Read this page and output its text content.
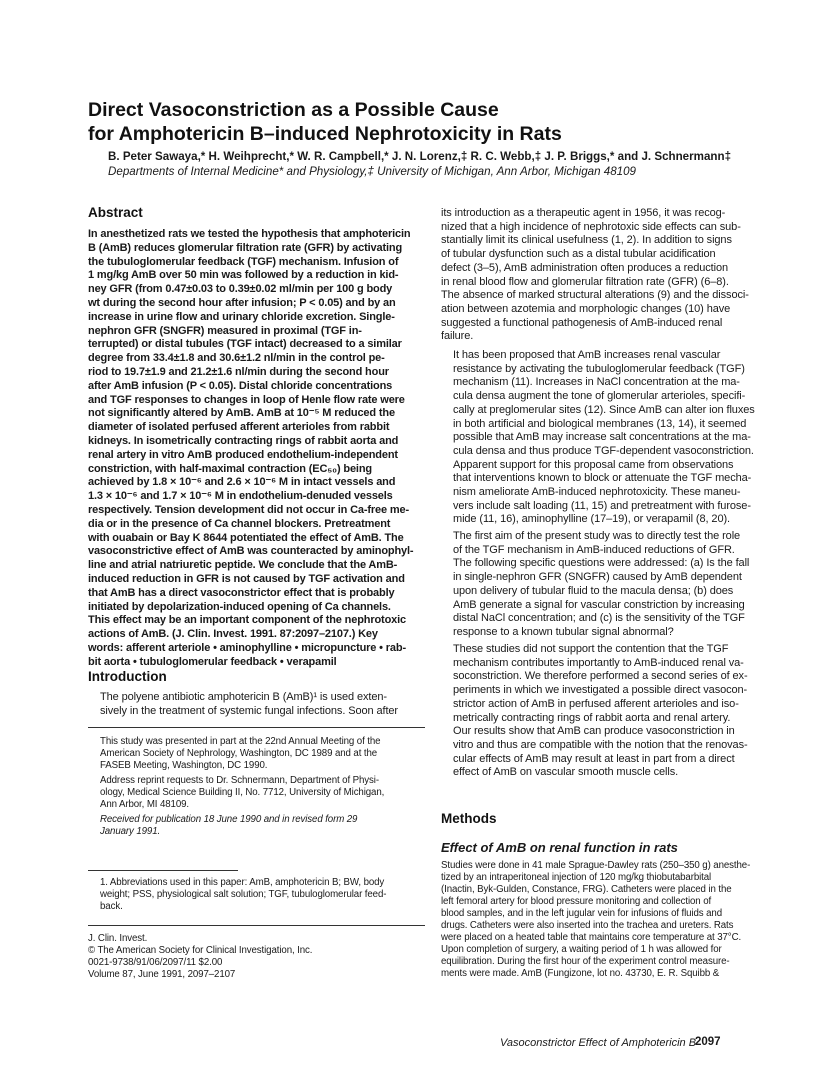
Direct Vasoconstriction as a Possible Cause
for Amphotericin B–induced Nephrotoxicity in Rats

B. Peter Sawaya,* H. Weihprecht,* W. R. Campbell,* J. N. Lorenz,‡ R. C. Webb,‡ J. P. Briggs,* and J. Schnermann‡

Departments of Internal Medicine* and Physiology,‡ University of Michigan, Ann Arbor, Michigan 48109

Abstract
In anesthetized rats we tested the hypothesis that amphotericin
B (AmB) reduces glomerular filtration rate (GFR) by activating
the tubuloglomerular feedback (TGF) mechanism. Infusion of
1 mg/kg AmB over 50 min was followed by a reduction in kid-
ney GFR (from 0.47±0.03 to 0.39±0.02 ml/min per 100 g body
wt during the second hour after infusion; P < 0.05) and by an
increase in urine flow and urinary chloride excretion. Single-
nephron GFR (SNGFR) measured in proximal (TGF in-
terrupted) or distal tubules (TGF intact) decreased to a similar
degree from 33.4±1.8 and 30.6±1.2 nl/min in the control pe-
riod to 19.7±1.9 and 21.2±1.6 nl/min during the second hour
after AmB infusion (P < 0.05). Distal chloride concentrations
and TGF responses to changes in loop of Henle flow rate were
not significantly altered by AmB. AmB at 10⁻⁵ M reduced the
diameter of isolated perfused afferent arterioles from rabbit
kidneys. In isometrically contracting rings of rabbit aorta and
renal artery in vitro AmB produced endothelium-independent
constriction, with half-maximal contraction (EC₅₀) being
achieved by 1.8 × 10⁻⁶ and 2.6 × 10⁻⁶ M in intact vessels and
1.3 × 10⁻⁶ and 1.7 × 10⁻⁶ M in endothelium-denuded vessels
respectively. Tension development did not occur in Ca-free me-
dia or in the presence of Ca channel blockers. Pretreatment
with ouabain or Bay K 8644 potentiated the effect of AmB. The
vasoconstrictive effect of AmB was counteracted by aminophyl-
line and atrial natriuretic peptide. We conclude that the AmB-
induced reduction in GFR is not caused by TGF activation and
that AmB has a direct vasoconstrictor effect that is probably
initiated by depolarization-induced opening of Ca channels.
This effect may be an important component of the nephrotoxic
actions of AmB. (J. Clin. Invest. 1991. 87:2097–2107.) Key
words: afferent arteriole • aminophylline • micropuncture • rab-
bit aorta • tubuloglomerular feedback • verapamil
Introduction
The polyene antibiotic amphotericin B (AmB)¹ is used exten-
sively in the treatment of systemic fungal infections. Soon after
This study was presented in part at the 22nd Annual Meeting of the
American Society of Nephrology, Washington, DC 1989 and at the
FASEB Meeting, Washington, DC 1990.
Address reprint requests to Dr. Schnermann, Department of Physi-
ology, Medical Science Building II, No. 7712, University of Michigan,
Ann Arbor, MI 48109.
Received for publication 18 June 1990 and in revised form 29
January 1991.
1. Abbreviations used in this paper: AmB, amphotericin B; BW, body
weight; PSS, physiological salt solution; TGF, tubuloglomerular feed-
back.
J. Clin. Invest.
© The American Society for Clinical Investigation, Inc.
0021-9738/91/06/2097/11 $2.00
Volume 87, June 1991, 2097–2107
its introduction as a therapeutic agent in 1956, it was recog-
nized that a high incidence of nephrotoxic side effects can sub-
stantially limit its clinical usefulness (1, 2). In addition to signs
of tubular dysfunction such as a distal tubular acidification
defect (3–5), AmB administration often produces a reduction
in renal blood flow and glomerular filtration rate (GFR) (6–8).
The absence of marked structural alterations (9) and the dissoci-
ation between azotemia and morphologic changes (10) have
suggested a functional pathogenesis of AmB-induced renal
failure.
It has been proposed that AmB increases renal vascular
resistance by activating the tubuloglomerular feedback (TGF)
mechanism (11). Increases in NaCl concentration at the ma-
cula densa augment the tone of glomerular arterioles, specifi-
cally at preglomerular sites (12). Since AmB can alter ion fluxes
in both artificial and biological membranes (13, 14), it seemed
possible that AmB may increase salt concentrations at the ma-
cula densa and thus produce TGF-dependent vasoconstriction.
Apparent support for this proposal came from observations
that interventions known to block or attenuate the TGF mecha-
nism ameliorate AmB-induced nephrotoxicity. These maneu-
vers include salt loading (11, 15) and pretreatment with furose-
mide (11, 16), aminophylline (17–19), or verapamil (8, 20).
The first aim of the present study was to directly test the role
of the TGF mechanism in AmB-induced reductions of GFR.
The following specific questions were addressed: (a) Is the fall
in single-nephron GFR (SNGFR) caused by AmB dependent
upon delivery of tubular fluid to the macula densa; (b) does
AmB generate a signal for vascular constriction by increasing
distal NaCl concentration; and (c) is the sensitivity of the TGF
response to a known tubular signal abnormal?
These studies did not support the contention that the TGF
mechanism contributes importantly to AmB-induced renal va-
soconstriction. We therefore performed a second series of ex-
periments in which we investigated a possible direct vasocon-
strictor action of AmB in perfused afferent arterioles and iso-
metrically contracting rings of rabbit aorta and renal artery.
Our results show that AmB can produce vasoconstriction in
vitro and thus are compatible with the notion that the renovas-
cular effects of AmB may result at least in part from a direct
effect of AmB on vascular smooth muscle cells.
Methods
Effect of AmB on renal function in rats
Studies were done in 41 male Sprague-Dawley rats (250–350 g) anesthe-
tized by an intraperitoneal injection of 120 mg/kg thiobutabarbital
(Inactin, Byk-Gulden, Constance, FRG). Catheters were placed in the
left femoral artery for blood pressure monitoring and collection of
blood samples, and in the left jugular vein for infusions of fluids and
drugs. Catheters were also inserted into the trachea and ureters. Rats
were placed on a heated table that maintains core temperature at 37°C.
Upon completion of surgery, a waiting period of 1 h was allowed for
equilibration. During the first hour of the experiment control measure-
ments were made. AmB (Fungizone, lot no. 43730, E. R. Squibb &

Vasoconstrictor Effect of Amphotericin B

2097
